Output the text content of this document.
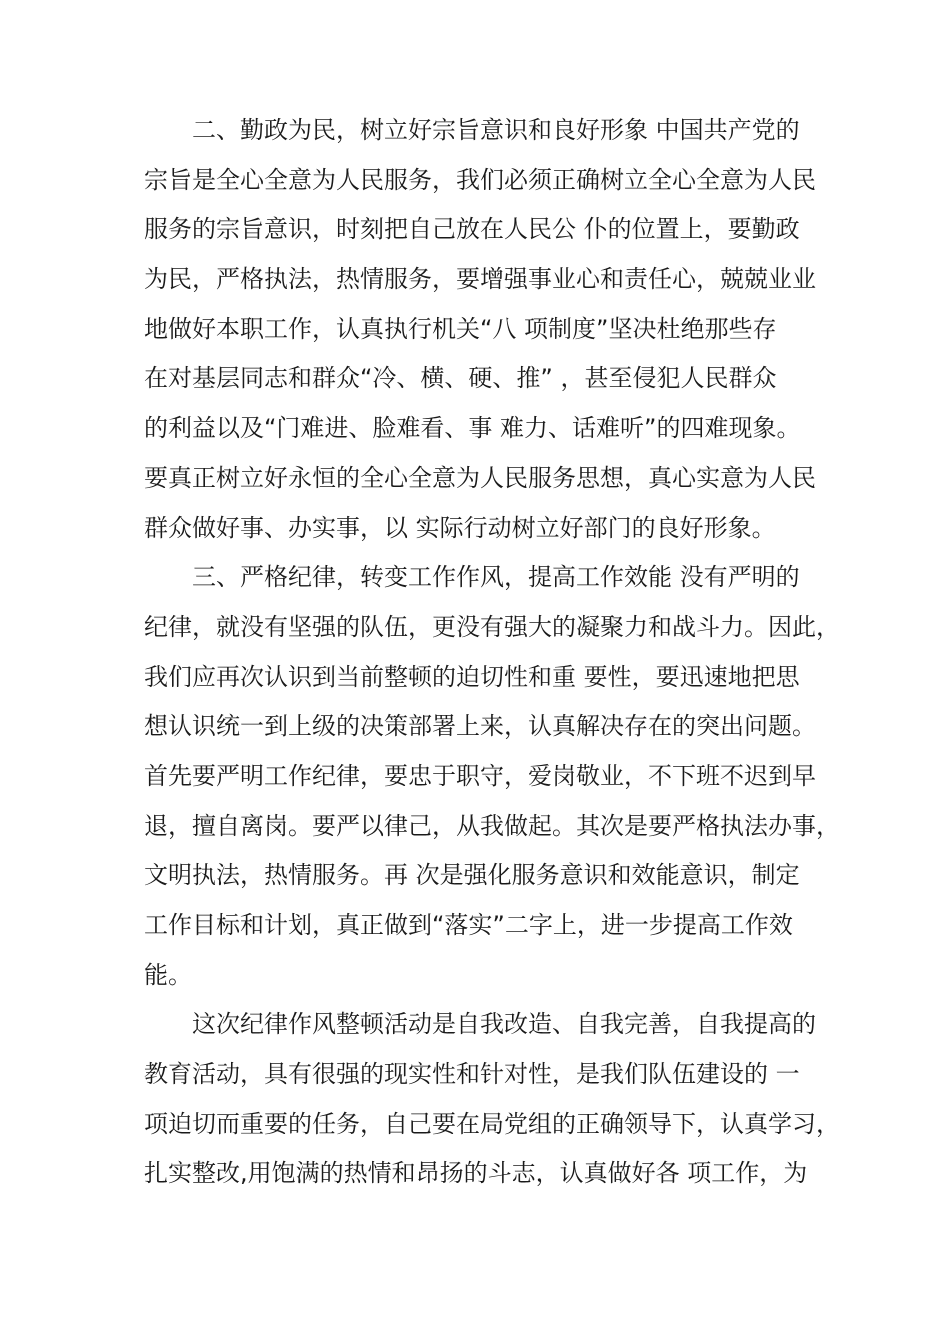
二、勤政为民，树立好宗旨意识和良好形象 中国共产党的
宗旨是全心全意为人民服务，我们必须正确树立全心全意为人民
服务的宗旨意识，时刻把自己放在人民公 仆的位置上，要勤政
为民，严格执法，热情服务，要增强事业心和责任心，兢兢业业
地做好本职工作，认真执行机关“八 项制度”坚决杜绝那些存
在对基层同志和群众“冷、横、硬、推” ，甚至侵犯人民群众
的利益以及“门难进、脸难看、事 难力、话难听”的四难现象。
要真正树立好永恒的全心全意为人民服务思想，真心实意为人民
群众做好事、办实事，以 实际行动树立好部门的良好形象。
三、严格纪律，转变工作作风，提高工作效能 没有严明的
纪律，就没有坚强的队伍，更没有强大的凝聚力和战斗力。因此，
我们应再次认识到当前整顿的迫切性和重 要性，要迅速地把思
想认识统一到上级的决策部署上来，认真解决存在的突出问题。
首先要严明工作纪律，要忠于职守，爱岗敬业，不下班不迟到早
退，擅自离岗。要严以律己，从我做起。其次是要严格执法办事，
文明执法，热情服务。再 次是强化服务意识和效能意识，制定
工作目标和计划，真正做到“落实”二字上，进一步提高工作效
能。
这次纪律作风整顿活动是自我改造、自我完善，自我提高的
教育活动，具有很强的现实性和针对性，是我们队伍建设的 一
项迫切而重要的任务，自己要在局党组的正确领导下，认真学习，
扎实整改,用饱满的热情和昂扬的斗志，认真做好各 项工作，为
